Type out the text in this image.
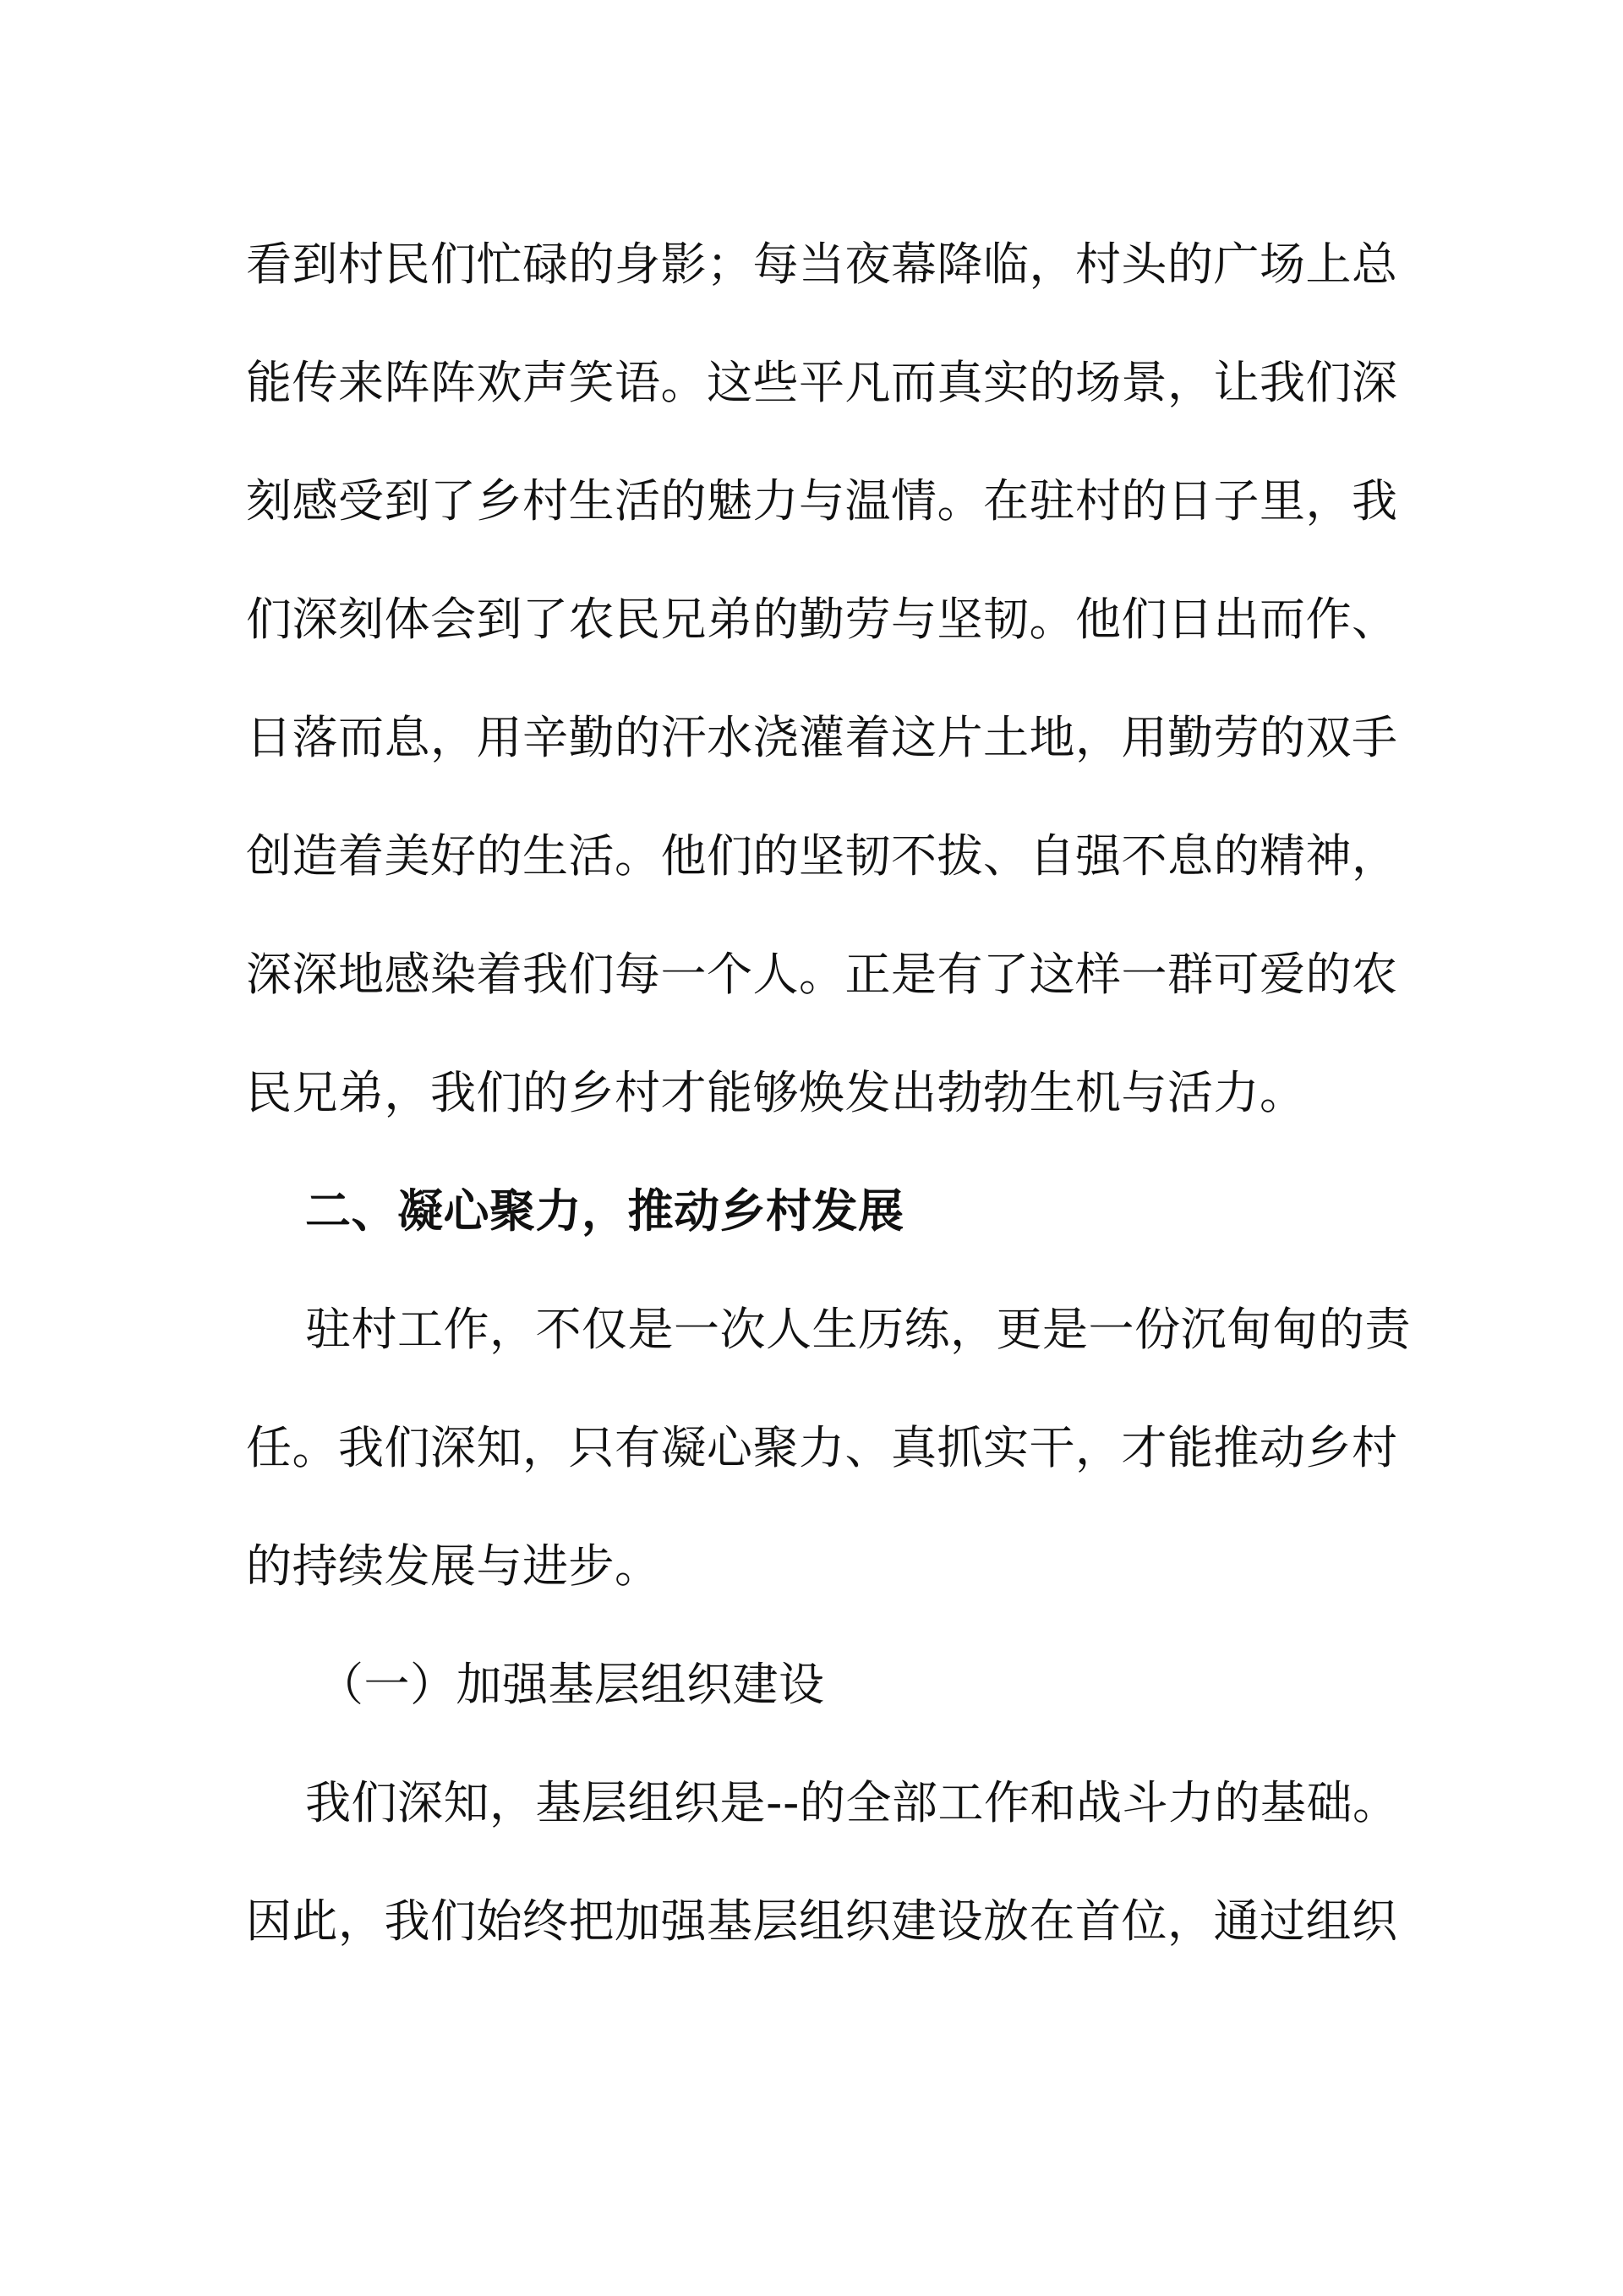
看到村民们忙碌的身影；每当夜幕降临，村头的广场上总

能传来阵阵欢声笑语。这些平凡而真实的场景，让我们深

刻感受到了乡村生活的魅力与温情。在驻村的日子里，我

们深刻体会到了农民兄弟的勤劳与坚韧。他们日出而作、

日落而息，用辛勤的汗水浇灌着这片土地，用勤劳的双手

创造着美好的生活。他们的坚韧不拔、自强不息的精神，

深深地感染着我们每一个人。正是有了这样一群可爱的农

民兄弟，我们的乡村才能够焕发出勃勃生机与活力。

二、凝心聚力，推动乡村发展

驻村工作，不仅是一次人生历练，更是一份沉甸甸的责

任。我们深知，只有凝心聚力、真抓实干，才能推动乡村

的持续发展与进步。

（一）加强基层组织建设

我们深知，基层组织是--的全部工作和战斗力的基础。

因此，我们始终把加强基层组织建设放在首位，通过组织
